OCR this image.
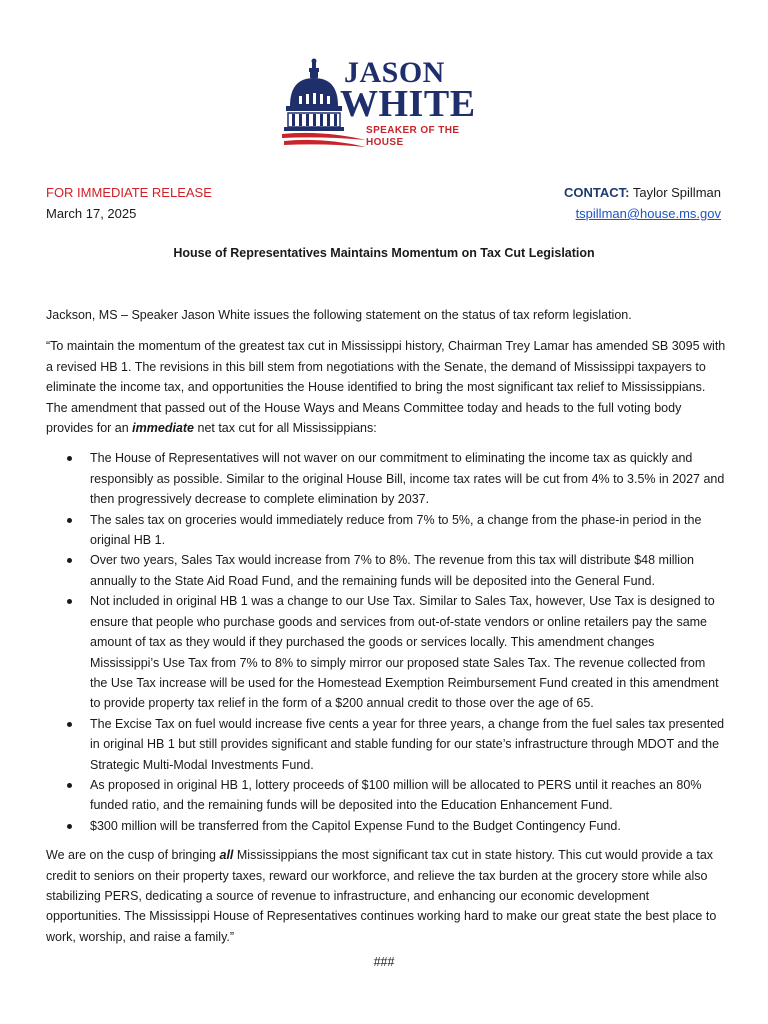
JASON
WHITE
SPEAKER OF THE HOUSE
FOR IMMEDIATE RELEASE
March 17, 2025
CONTACT: Taylor Spillman
tspillman@house.ms.gov
House of Representatives Maintains Momentum on Tax Cut Legislation

Jackson, MS – Speaker Jason White issues the following statement on the status of tax reform legislation.

“To maintain the momentum of the greatest tax cut in Mississippi history, Chairman Trey Lamar has amended SB 3095 with a revised HB 1. The revisions in this bill stem from negotiations with the Senate, the demand of Mississippi taxpayers to eliminate the income tax, and opportunities the House identified to bring the most significant tax relief to Mississippians. The amendment that passed out of the House Ways and Means Committee today and heads to the full voting body provides for an immediate net tax cut for all Mississippians:

The House of Representatives will not waver on our commitment to eliminating the income tax as quickly and responsibly as possible. Similar to the original House Bill, income tax rates will be cut from 4% to 3.5% in 2027 and then progressively decrease to complete elimination by 2037.
The sales tax on groceries would immediately reduce from 7% to 5%, a change from the phase-in period in the original HB 1.
Over two years, Sales Tax would increase from 7% to 8%. The revenue from this tax will distribute $48 million annually to the State Aid Road Fund, and the remaining funds will be deposited into the General Fund.
Not included in original HB 1 was a change to our Use Tax. Similar to Sales Tax, however, Use Tax is designed to ensure that people who purchase goods and services from out-of-state vendors or online retailers pay the same amount of tax as they would if they purchased the goods or services locally. This amendment changes Mississippi’s Use Tax from 7% to 8% to simply mirror our proposed state Sales Tax. The revenue collected from the Use Tax increase will be used for the Homestead Exemption Reimbursement Fund created in this amendment to provide property tax relief in the form of a $200 annual credit to those over the age of 65.
The Excise Tax on fuel would increase five cents a year for three years, a change from the fuel sales tax presented in original HB 1 but still provides significant and stable funding for our state’s infrastructure through MDOT and the Strategic Multi-Modal Investments Fund.
As proposed in original HB 1, lottery proceeds of $100 million will be allocated to PERS until it reaches an 80% funded ratio, and the remaining funds will be deposited into the Education Enhancement Fund.
$300 million will be transferred from the Capitol Expense Fund to the Budget Contingency Fund.

We are on the cusp of bringing all Mississippians the most significant tax cut in state history. This cut would provide a tax credit to seniors on their property taxes, reward our workforce, and relieve the tax burden at the grocery store while also stabilizing PERS, dedicating a source of revenue to infrastructure, and enhancing our economic development opportunities. The Mississippi House of Representatives continues working hard to make our great state the best place to work, worship, and raise a family.”

###
